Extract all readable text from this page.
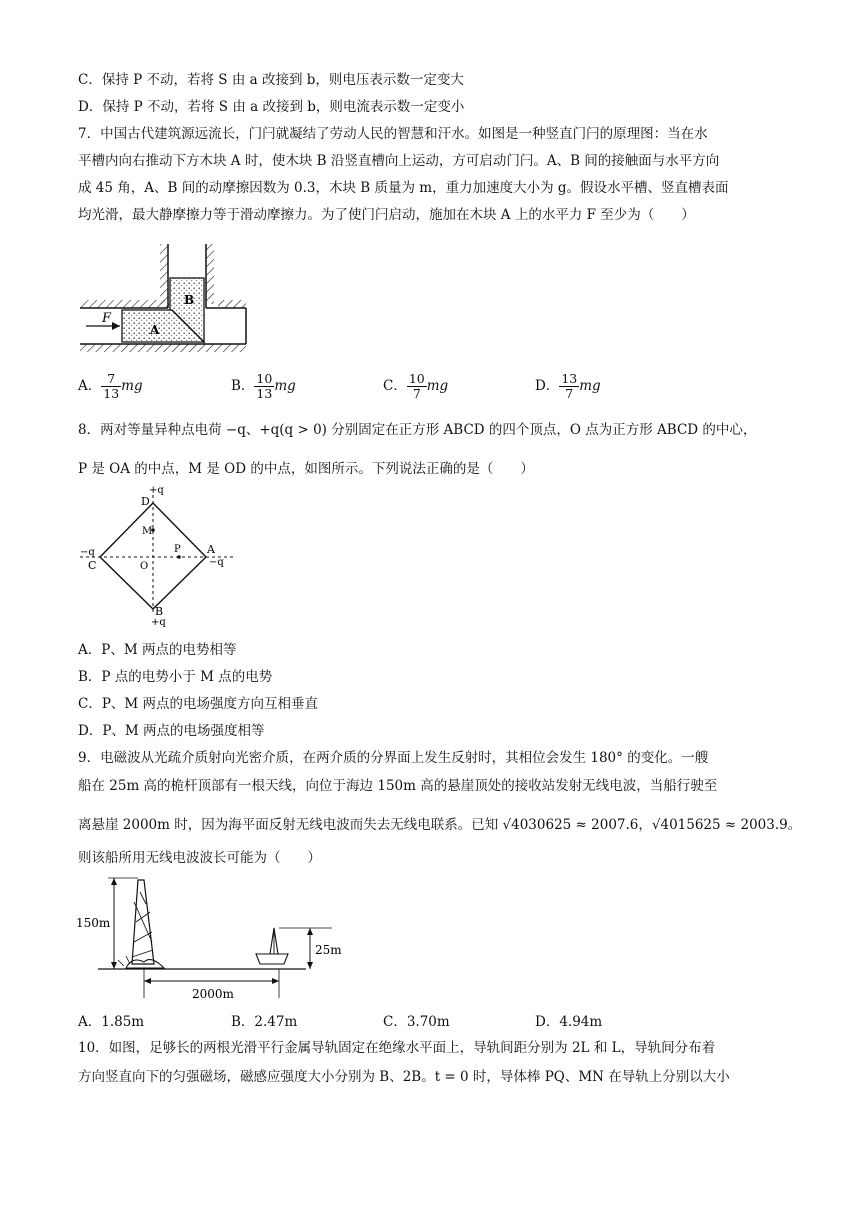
C．保持 P 不动，若将 S 由 a 改接到 b，则电压表示数一定变大
D．保持 P 不动，若将 S 由 a 改接到 b，则电流表示数一定变小
7．中国古代建筑源远流长，门闩就凝结了劳动人民的智慧和汗水。如图是一种竖直门闩的原理图：当在水
平槽内向右推动下方木块 A 时，使木块 B 沿竖直槽向上运动，方可启动门闩。A、B 间的接触面与水平方向
成 45 角，A、B 间的动摩擦因数为 0.3，木块 B 质量为 m，重力加速度大小为 g。假设水平槽、竖直槽表面
均光滑，最大静摩擦力等于滑动摩擦力。为了使门闩启动，施加在木块 A 上的水平力 F 至少为（　　）
F
A
B
A． $\frac{7}{13}$ mg	B． $\frac{10}{13}$ mg	C． $\frac{10}{7}$ mg	D． $\frac{13}{7}$ mg
8．两对等量异种点电荷 −q、+q(q > 0) 分别固定在正方形 ABCD 的四个顶点，O 点为正方形 ABCD 的中心，
P 是 OA 的中点，M 是 OD 的中点，如图所示。下列说法正确的是（　　）
+q
D
M
P A
−q
−q
C	O
B
+q
A．P、M 两点的电势相等
B．P 点的电势小于 M 点的电势
C．P、M 两点的电场强度方向互相垂直
D．P、M 两点的电场强度相等
9．电磁波从光疏介质射向光密介质，在两介质的分界面上发生反射时，其相位会发生 180° 的变化。一艘
船在 25m 高的桅杆顶部有一根天线，向位于海边 150m 高的悬崖顶处的接收站发射无线电波，当船行驶至
离悬崖 2000m 时，因为海平面反射无线电波而失去无线电联系。已知 √4030625 ≈ 2007.6，√4015625 ≈ 2003.9。
则该船所用无线电波波长可能为（　　）
150m
25m
2000m
A．1.85m	B．2.47m	C．3.70m	D．4.94m
10．如图，足够长的两根光滑平行金属导轨固定在绝缘水平面上，导轨间距分别为 2L 和 L，导轨间分布着
方向竖直向下的匀强磁场，磁感应强度大小分别为 B、2B。t = 0 时，导体棒 PQ、MN 在导轨上分别以大小
